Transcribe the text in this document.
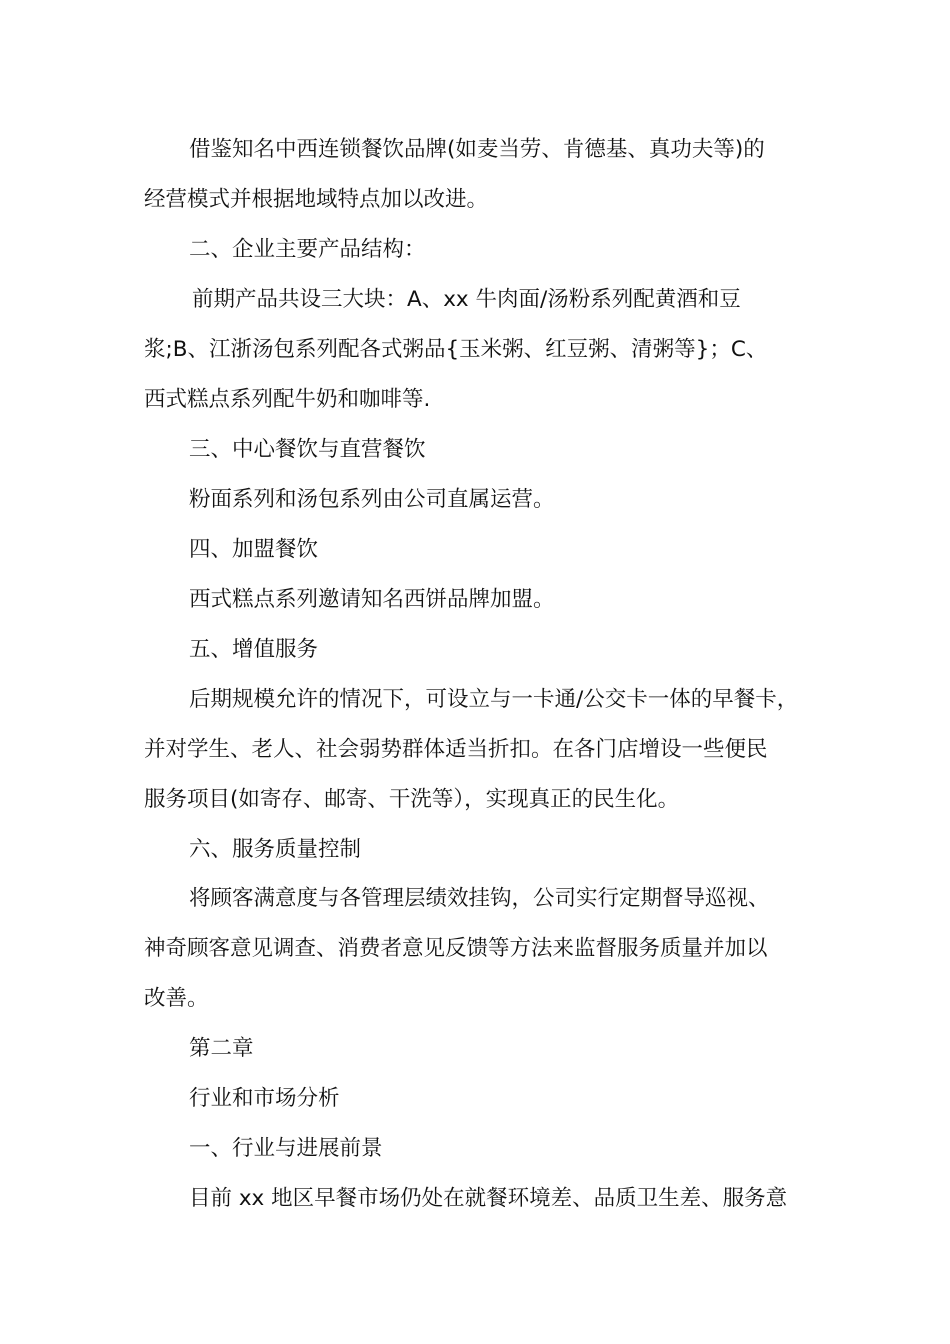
借鉴知名中西连锁餐饮品牌(如麦当劳、肯德基、真功夫等)的
经营模式并根据地域特点加以改进。
二、企业主要产品结构：
前期产品共设三大块：A、xx 牛肉面/汤粉系列配黄酒和豆
浆;B、江浙汤包系列配各式粥品{玉米粥、红豆粥、清粥等}；C、
西式糕点系列配牛奶和咖啡等.
三、中心餐饮与直营餐饮
粉面系列和汤包系列由公司直属运营。
四、加盟餐饮
西式糕点系列邀请知名西饼品牌加盟。
五、增值服务
后期规模允许的情况下，可设立与一卡通/公交卡一体的早餐卡，
并对学生、老人、社会弱势群体适当折扣。在各门店增设一些便民
服务项目(如寄存、邮寄、干洗等），实现真正的民生化。
六、服务质量控制
将顾客满意度与各管理层绩效挂钩，公司实行定期督导巡视、
神奇顾客意见调查、消费者意见反馈等方法来监督服务质量并加以
改善。
第二章
行业和市场分析
一、行业与进展前景
目前 xx 地区早餐市场仍处在就餐环境差、品质卫生差、服务意
